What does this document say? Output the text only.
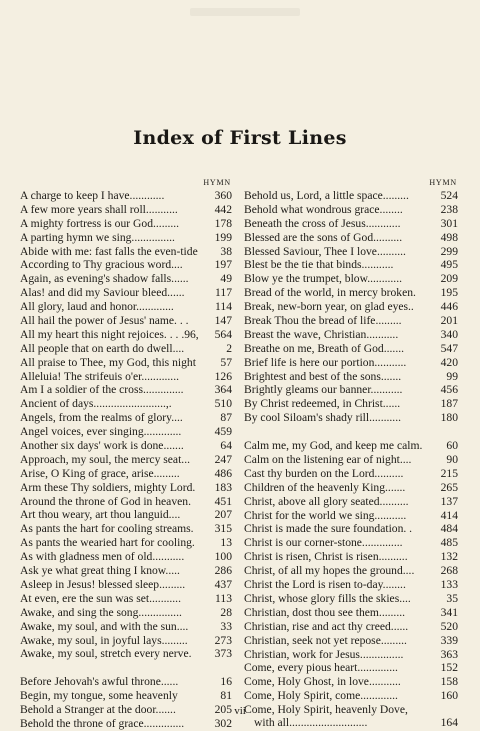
Index of First Lines
HYMN
A charge to keep I have............	360
A few more years shall roll...........	442
A mighty fortress is our God.........	178
A parting hymn we sing...............	199
Abide with me: fast falls the even-tide	38
According to Thy gracious word....	197
Again, as evening's shadow falls......	49
Alas! and did my Saviour bleed......	117
All glory, laud and honor.............	114
All hail the power of Jesus' name. . .	147
All my heart this night rejoices. . . .96,	564
All people that on earth do dwell....	2
All praise to Thee, my God, this night	57
Alleluia! The strifeuis o'er.............	126
Am I a soldier of the cross..............	364
Ancient of days.........................,.	510
Angels, from the realms of glory....	87
Angel voices, ever singing.............	459
Another six days' work is done.......	64
Approach, my soul, the mercy seat...	247
Arise, O King of grace, arise.........	486
Arm these Thy soldiers, mighty Lord.	183
Around the throne of God in heaven.	451
Art thou weary, art thou languid....	207
As pants the hart for cooling streams.	315
As pants the wearied hart for cooling.	13
As with gladness men of old...........	100
Ask ye what great thing I know.....	286
Asleep in Jesus! blessed sleep.........	437
At even, ere the sun was set...........	113
Awake, and sing the song...............	28
Awake, my soul, and with the sun....	33
Awake, my soul, in joyful lays.........	273
Awake, my soul, stretch every nerve.	373
Before Jehovah's awful throne......	16
Begin, my tongue, some heavenly	81
Behold a Stranger at the door.......	205
Behold the throne of grace..............	302
HYMN
Behold us, Lord, a little space.........	524
Behold what wondrous grace........	238
Beneath the cross of Jesus............	301
Blessed are the sons of God..........	498
Blessed Saviour, Thee I love..........	299
Blest be the tie that binds...........	495
Blow ye the trumpet, blow............	209
Bread of the world, in mercy broken.	195
Break, new-born year, on glad eyes..	446
Break Thou the bread of life.........	201
Breast the wave, Christian...........	340
Breathe on me, Breath of God.......	547
Brief life is here our portion...........	420
Brightest and best of the sons.......	99
Brightly gleams our banner...........	456
By Christ redeemed, in Christ......	187
By cool Siloam's shady rill...........	180
Calm me, my God, and keep me calm.	60
Calm on the listening ear of night....	90
Cast thy burden on the Lord..........	215
Children of the heavenly King.......	265
Christ, above all glory seated..........	137
Christ for the world we sing...........	414
Christ is made the sure foundation. .	484
Christ is our corner-stone..............	485
Christ is risen, Christ is risen..........	132
Christ, of all my hopes the ground....	268
Christ the Lord is risen to-day........	133
Christ, whose glory fills the skies....	35
Christian, dost thou see them.........	341
Christian, rise and act thy creed......	520
Christian, seek not yet repose.........	339
Christian, work for Jesus...............	363
Come, every pious heart..............	152
Come, Holy Ghost, in love...........	158
Come, Holy Spirit, come.............	160
Come, Holy Spirit, heavenly Dove,
with all...........................	164
vii
